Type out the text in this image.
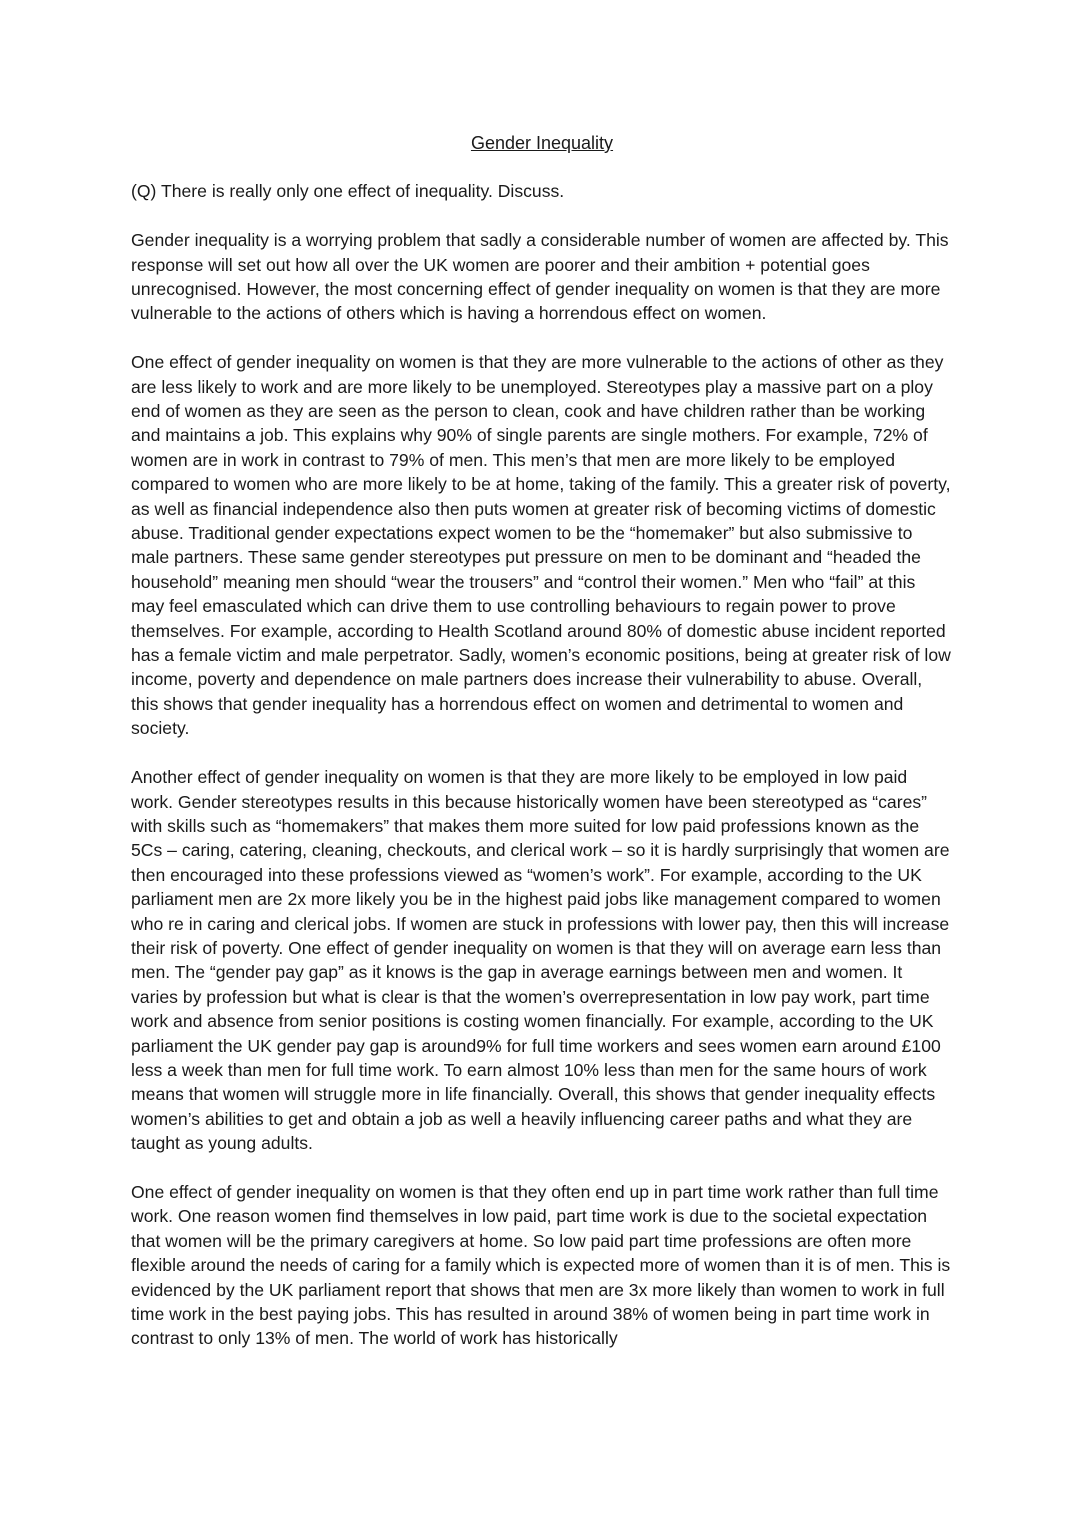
Gender Inequality
(Q) There is really only one effect of inequality. Discuss.

Gender inequality is a worrying problem that sadly a considerable number of women are affected by. This response will set out how all over the UK women are poorer and their ambition + potential goes unrecognised. However, the most concerning effect of gender inequality on women is that they are more vulnerable to the actions of others which is having a horrendous effect on women.

One effect of gender inequality on women is that they are more vulnerable to the actions of other as they are less likely to work and are more likely to be unemployed. Stereotypes play a massive part on a ploy end of women as they are seen as the person to clean, cook and have children rather than be working and maintains a job. This explains why 90% of single parents are single mothers. For example, 72% of women are in work in contrast to 79% of men. This men’s that men are more likely to be employed compared to women who are more likely to be at home, taking of the family. This a greater risk of poverty, as well as financial independence also then puts women at greater risk of becoming victims of domestic abuse. Traditional gender expectations expect women to be the “homemaker” but also submissive to male partners. These same gender stereotypes put pressure on men to be dominant and “headed the household” meaning men should “wear the trousers” and “control their women.” Men who “fail” at this may feel emasculated which can drive them to use controlling behaviours to regain power to prove themselves. For example, according to Health Scotland around 80% of domestic abuse incident reported has a female victim and male perpetrator. Sadly, women’s economic positions, being at greater risk of low income, poverty and dependence on male partners does increase their vulnerability to abuse. Overall, this shows that gender inequality has a horrendous effect on women and detrimental to women and society.

Another effect of gender inequality on women is that they are more likely to be employed in low paid work. Gender stereotypes results in this because historically women have been stereotyped as “cares” with skills such as “homemakers” that makes them more suited for low paid professions known as the 5Cs – caring, catering, cleaning, checkouts, and clerical work – so it is hardly surprisingly that women are then encouraged into these professions viewed as “women’s work”. For example, according to the UK parliament men are 2x more likely you be in the highest paid jobs like management compared to women who re in caring and clerical jobs. If women are stuck in professions with lower pay, then this will increase their risk of poverty. One effect of gender inequality on women is that they will on average earn less than men. The “gender pay gap” as it knows is the gap in average earnings between men and women. It varies by profession but what is clear is that the women’s overrepresentation in low pay work, part time work and absence from senior positions is costing women financially. For example, according to the UK parliament the UK gender pay gap is around9% for full time workers and sees women earn around £100 less a week than men for full time work. To earn almost 10% less than men for the same hours of work means that women will struggle more in life financially. Overall, this shows that gender inequality effects women’s abilities to get and obtain a job as well a heavily influencing career paths and what they are taught as young adults.

One effect of gender inequality on women is that they often end up in part time work rather than full time work. One reason women find themselves in low paid, part time work is due to the societal expectation that women will be the primary caregivers at home. So low paid part time professions are often more flexible around the needs of caring for a family which is expected more of women than it is of men. This is evidenced by the UK parliament report that shows that men are 3x more likely than women to work in full time work in the best paying jobs. This has resulted in around 38% of women being in part time work in contrast to only 13% of men. The world of work has historically
